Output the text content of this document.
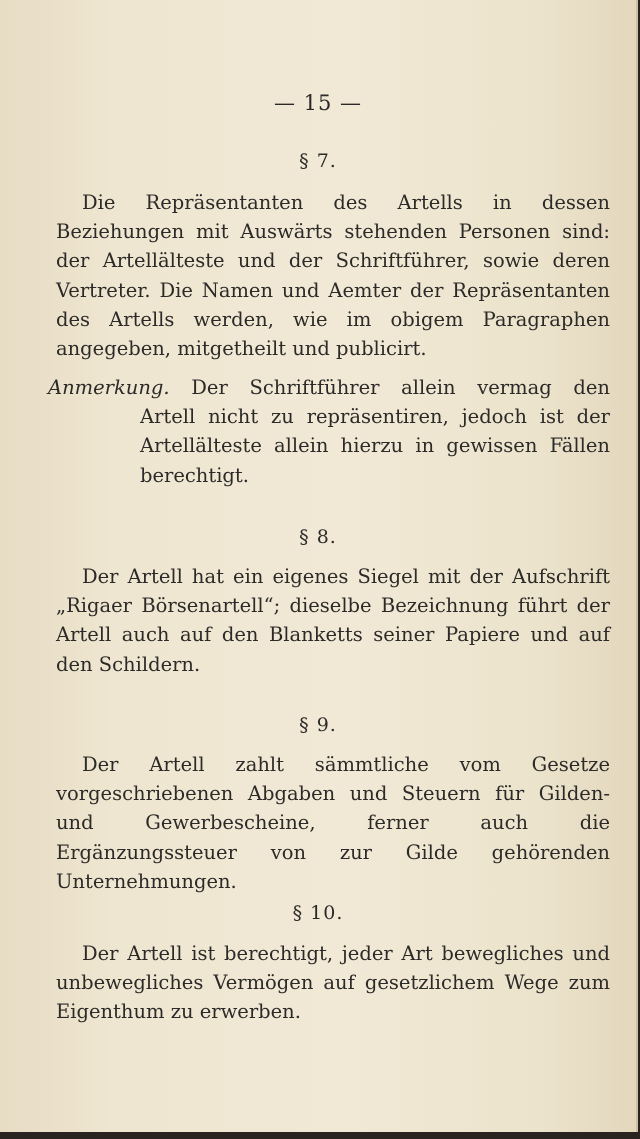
— 15 —
§ 7.

Die Repräsentanten des Artells in dessen Beziehungen mit Auswärts stehenden Personen sind: der Artellälteste und der Schriftführer, sowie deren Vertreter. Die Namen und Aemter der Repräsentanten des Artells werden, wie im obigem Paragraphen angegeben, mitgetheilt und publicirt.

Anmerkung. Der Schriftführer allein vermag den
Artell nicht zu repräsentiren, jedoch ist der Artellälteste allein hierzu in gewissen Fällen berechtigt.
§ 8.

Der Artell hat ein eigenes Siegel mit der Aufschrift „Rigaer Börsenartell“; dieselbe Bezeichnung führt der Artell auch auf den Blanketts seiner Papiere und auf den Schildern.

§ 9.

Der Artell zahlt sämmtliche vom Gesetze vorgeschriebenen Abgaben und Steuern für Gilden- und Gewerbescheine, ferner auch die Ergänzungssteuer von zur Gilde gehörenden Unternehmungen.

§ 10.

Der Artell ist berechtigt, jeder Art bewegliches und unbewegliches Vermögen auf gesetzlichem Wege zum Eigenthum zu erwerben.
